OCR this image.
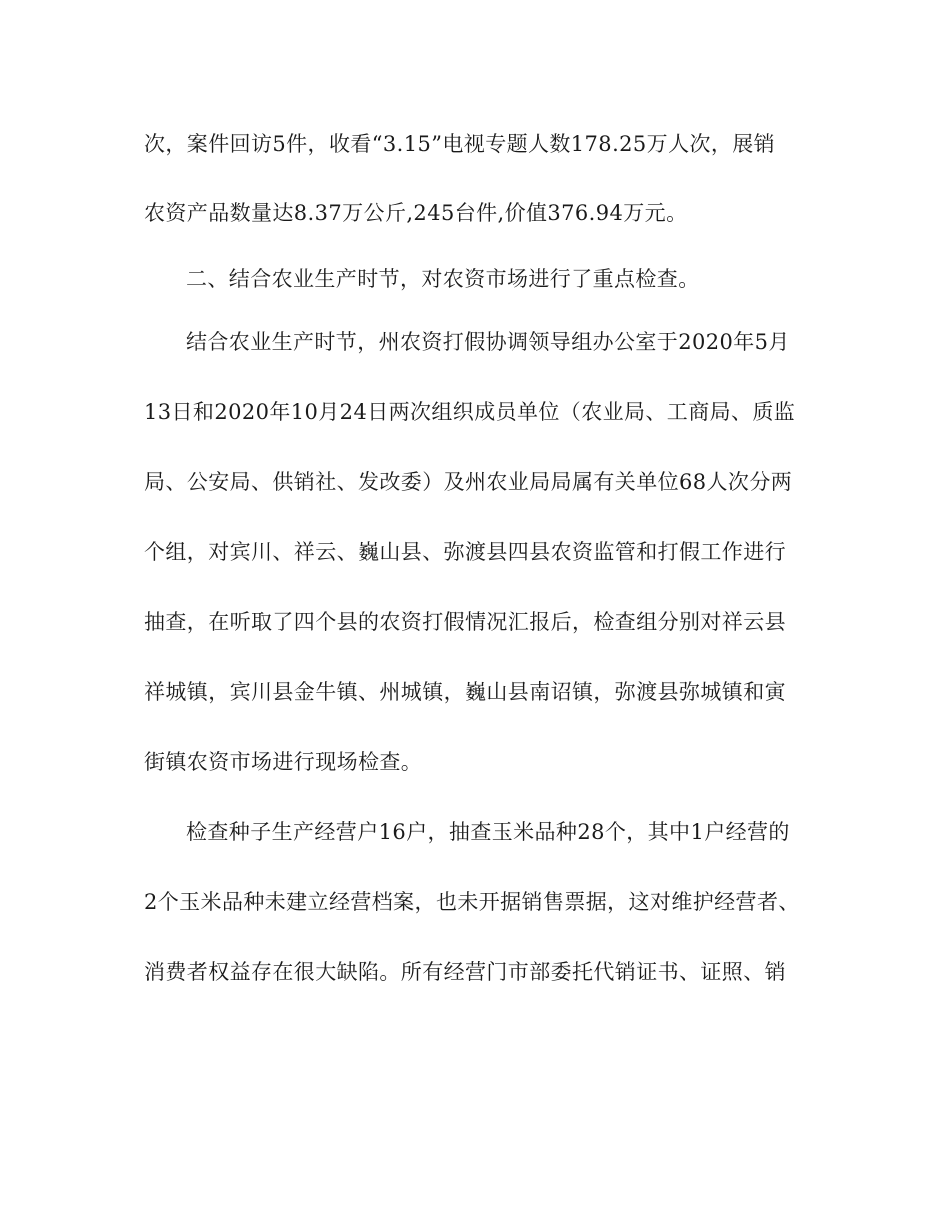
次，案件回访5件，收看“3.15”电视专题人数178.25万人次，展销

农资产品数量达8.37万公斤,245台件,价值376.94万元。

二、结合农业生产时节，对农资市场进行了重点检查。

结合农业生产时节，州农资打假协调领导组办公室于2020年5月

13日和2020年10月24日两次组织成员单位（农业局、工商局、质监

局、公安局、供销社、发改委）及州农业局局属有关单位68人次分两

个组，对宾川、祥云、巍山县、弥渡县四县农资监管和打假工作进行

抽查，在听取了四个县的农资打假情况汇报后，检查组分别对祥云县

祥城镇，宾川县金牛镇、州城镇，巍山县南诏镇，弥渡县弥城镇和寅

街镇农资市场进行现场检查。

检查种子生产经营户16户，抽查玉米品种28个，其中1户经营的

2个玉米品种未建立经营档案，也未开据销售票据，这对维护经营者、

消费者权益存在很大缺陷。所有经营门市部委托代销证书、证照、销
